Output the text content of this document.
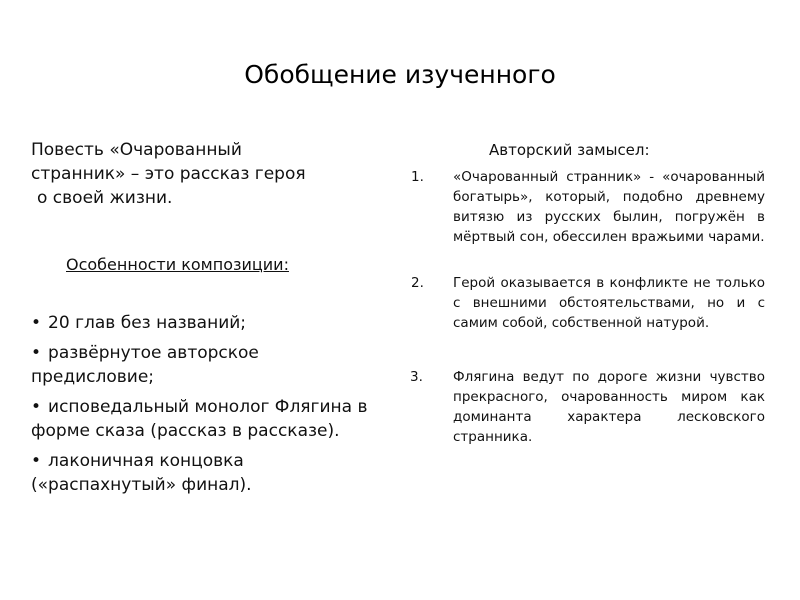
Обобщение изученного

Повесть «Очарованный
странник» – это рассказ героя
о своей жизни.

Особенности композиции:
• 20 глав без названий;
• развёрнутое авторское предисловие;
• исповедальный монолог Флягина в форме сказа (рассказ в рассказе).
• лаконичная концовка («распахнутый» финал).
Авторский замысел:

1. «Очарованный странник» - «очарованный богатырь», который, подобно древнему витязю из русских былин, погружён в мёртвый сон, обессилен вражьими чарами.

2. Герой оказывается в конфликте не только с внешними обстоятельствами, но и с самим собой, собственной натурой.

3. Флягина ведут по дороге жизни чувство прекрасного, очарованность миром как доминанта характера лесковского странника.
